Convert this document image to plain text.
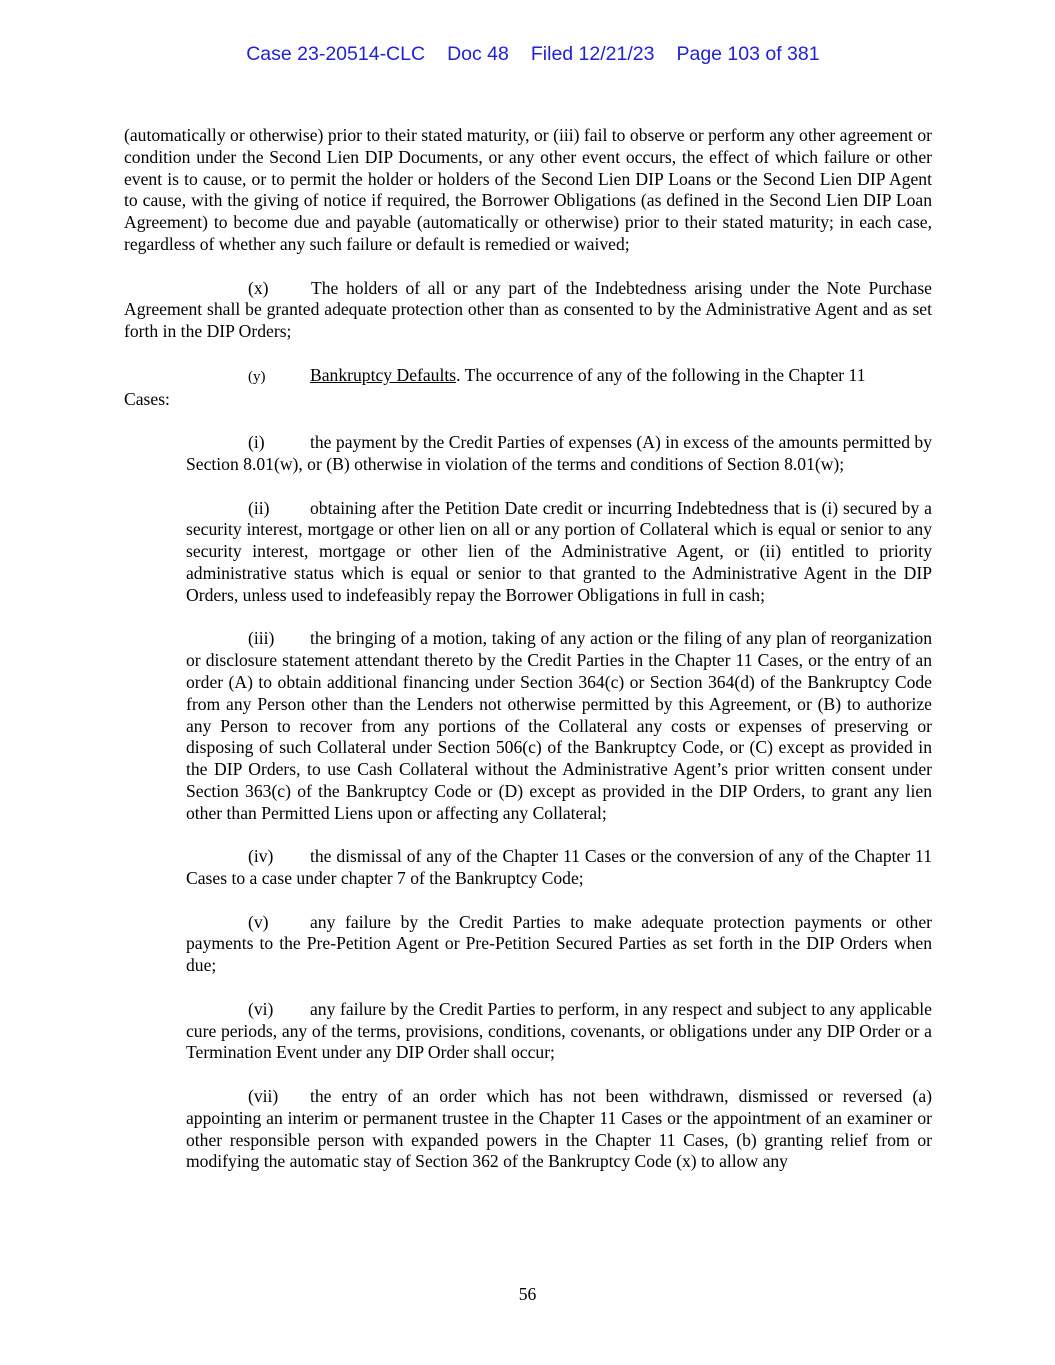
Case 23-20514-CLC Doc 48 Filed 12/21/23 Page 103 of 381

(automatically or otherwise) prior to their stated maturity, or (iii) fail to observe or perform any other agreement or condition under the Second Lien DIP Documents, or any other event occurs, the effect of which failure or other event is to cause, or to permit the holder or holders of the Second Lien DIP Loans or the Second Lien DIP Agent to cause, with the giving of notice if required, the Borrower Obligations (as defined in the Second Lien DIP Loan Agreement) to become due and payable (automatically or otherwise) prior to their stated maturity; in each case, regardless of whether any such failure or default is remedied or waived;

(x) The holders of all or any part of the Indebtedness arising under the Note Purchase Agreement shall be granted adequate protection other than as consented to by the Administrative Agent and as set forth in the DIP Orders;

(y)	Bankruptcy Defaults. The occurrence of any of the following in the Chapter 11

Cases:

(i)	the payment by the Credit Parties of expenses (A) in excess of the amounts permitted by Section 8.01(w), or (B) otherwise in violation of the terms and conditions of Section 8.01(w);

(ii) obtaining after the Petition Date credit or incurring Indebtedness that is (i) secured by a security interest, mortgage or other lien on all or any portion of Collateral which is equal or senior to any security interest, mortgage or other lien of the Administrative Agent, or (ii) entitled to priority administrative status which is equal or senior to that granted to the Administrative Agent in the DIP Orders, unless used to indefeasibly repay the Borrower Obligations in full in cash;

(iii) the bringing of a motion, taking of any action or the filing of any plan of reorganization or disclosure statement attendant thereto by the Credit Parties in the Chapter 11 Cases, or the entry of an order (A) to obtain additional financing under Section 364(c) or Section 364(d) of the Bankruptcy Code from any Person other than the Lenders not otherwise permitted by this Agreement, or (B) to authorize any Person to recover from any portions of the Collateral any costs or expenses of preserving or disposing of such Collateral under Section 506(c) of the Bankruptcy Code, or (C) except as provided in the DIP Orders, to use Cash Collateral without the Administrative Agent’s prior written consent under Section 363(c) of the Bankruptcy Code or (D) except as provided in the DIP Orders, to grant any lien other than Permitted Liens upon or affecting any Collateral;

(iv) the dismissal of any of the Chapter 11 Cases or the conversion of any of the Chapter 11 Cases to a case under chapter 7 of the Bankruptcy Code;

(v) any failure by the Credit Parties to make adequate protection payments or other payments to the Pre-Petition Agent or Pre-Petition Secured Parties as set forth in the DIP Orders when due;

(vi) any failure by the Credit Parties to perform, in any respect and subject to any applicable cure periods, any of the terms, provisions, conditions, covenants, or obligations under any DIP Order or a Termination Event under any DIP Order shall occur;

(vii) the entry of an order which has not been withdrawn, dismissed or reversed (a) appointing an interim or permanent trustee in the Chapter 11 Cases or the appointment of an examiner or other responsible person with expanded powers in the Chapter 11 Cases, (b) granting relief from or modifying the automatic stay of Section 362 of the Bankruptcy Code (x) to allow any

56
